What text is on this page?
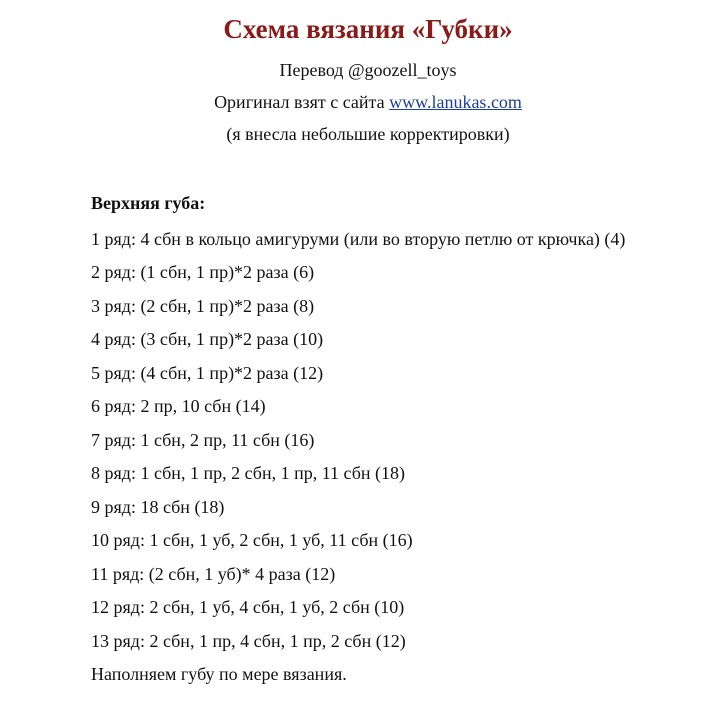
Схема вязания «Губки»
Перевод @goozell_toys
Оригинал взят с сайта www.lanukas.com
(я внесла небольшие корректировки)
Верхняя губа:
1 ряд: 4 сбн в кольцо амигуруми (или во вторую петлю от крючка) (4)
2 ряд: (1 сбн, 1 пр)*2 раза (6)
3 ряд: (2 сбн, 1 пр)*2 раза (8)
4 ряд: (3 сбн, 1 пр)*2 раза (10)
5 ряд: (4 сбн, 1 пр)*2 раза (12)
6 ряд: 2 пр, 10 сбн (14)
7 ряд: 1 сбн, 2 пр, 11 сбн (16)
8 ряд: 1 сбн, 1 пр, 2 сбн, 1 пр, 11 сбн (18)
9 ряд: 18 сбн (18)
10 ряд: 1 сбн, 1 уб, 2 сбн, 1 уб, 11 сбн (16)
11 ряд: (2 сбн, 1 уб)* 4 раза (12)
12 ряд: 2 сбн, 1 уб, 4 сбн, 1 уб, 2 сбн (10)
13 ряд: 2 сбн, 1 пр, 4 сбн, 1 пр, 2 сбн (12)
Наполняем губу по мере вязания.
